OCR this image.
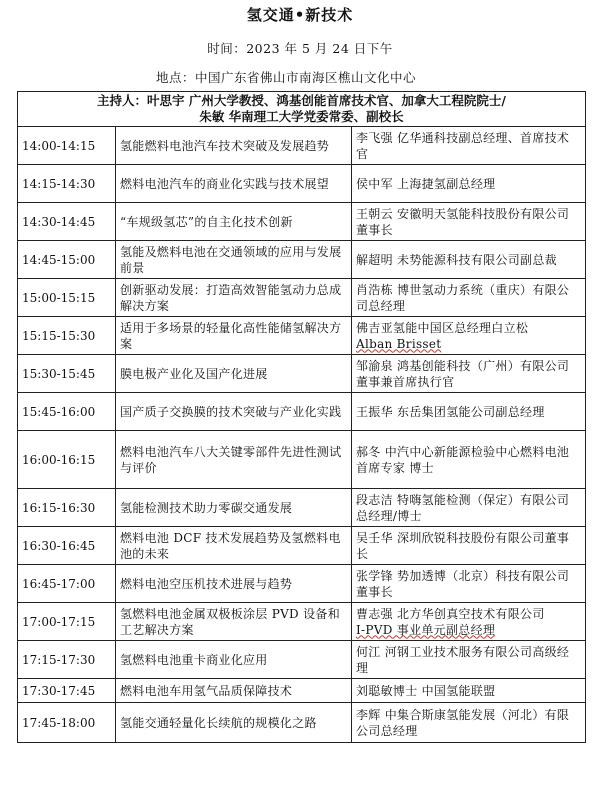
氢交通•新技术
时间：2023 年 5 月 24 日下午
地点：中国广东省佛山市南海区樵山文化中心
主持人：叶思宇 广州大学教授、鸿基创能首席技术官、加拿大工程院院士/
朱敏 华南理工大学党委常委、副校长		

14:00-14:15	氢能燃料电池汽车技术突破及发展趋势	李飞强 亿华通科技副总经理、首席技术官
14:15-14:30	燃料电池汽车的商业化实践与技术展望	侯中军 上海捷氢副总经理
14:30-14:45	“车规级氢芯”的自主化技术创新	王朝云 安徽明天氢能科技股份有限公司董事长
14:45-15:00	氢能及燃料电池在交通领域的应用与发展前景	解超明 未势能源科技有限公司副总裁
15:00-15:15	创新驱动发展：打造高效智能氢动力总成解决方案	肖浩栋 博世氢动力系统（重庆）有限公司总经理
15:15-15:30	适用于多场景的轻量化高性能储氢解决方案	佛吉亚氢能中国区总经理白立松
Alban Brisset
15:30-15:45	膜电极产业化及国产化进展	邹渝泉 鸿基创能科技（广州）有限公司董事兼首席执行官
15:45-16:00	国产质子交换膜的技术突破与产业化实践	王振华 东岳集团氢能公司副总经理
16:00-16:15	燃料电池汽车八大关键零部件先进性测试与评价	郝冬 中汽中心新能源检验中心燃料电池首席专家 博士
16:15-16:30	氢能检测技术助力零碳交通发展	段志洁 特嗨氢能检测（保定）有限公司 总经理/博士
16:30-16:45	燃料电池 DCF 技术发展趋势及氢燃料电池的未来	吴壬华 深圳欣锐科技股份有限公司董事长
16:45-17:00	燃料电池空压机技术进展与趋势	张学锋 势加透博（北京）科技有限公司董事长
17:00-17:15	氢燃料电池金属双极板涂层 PVD 设备和工艺解决方案	曹志强 北方华创真空技术有限公司
I-PVD 事业单元副总经理
17:15-17:30	氢燃料电池重卡商业化应用	何江 河钢工业技术服务有限公司高级经理
17:30-17:45	燃料电池车用氢气品质保障技术	刘聪敏博士 中国氢能联盟
17:45-18:00	氢能交通轻量化长续航的规模化之路	李辉 中集合斯康氢能发展（河北）有限公司总经理
